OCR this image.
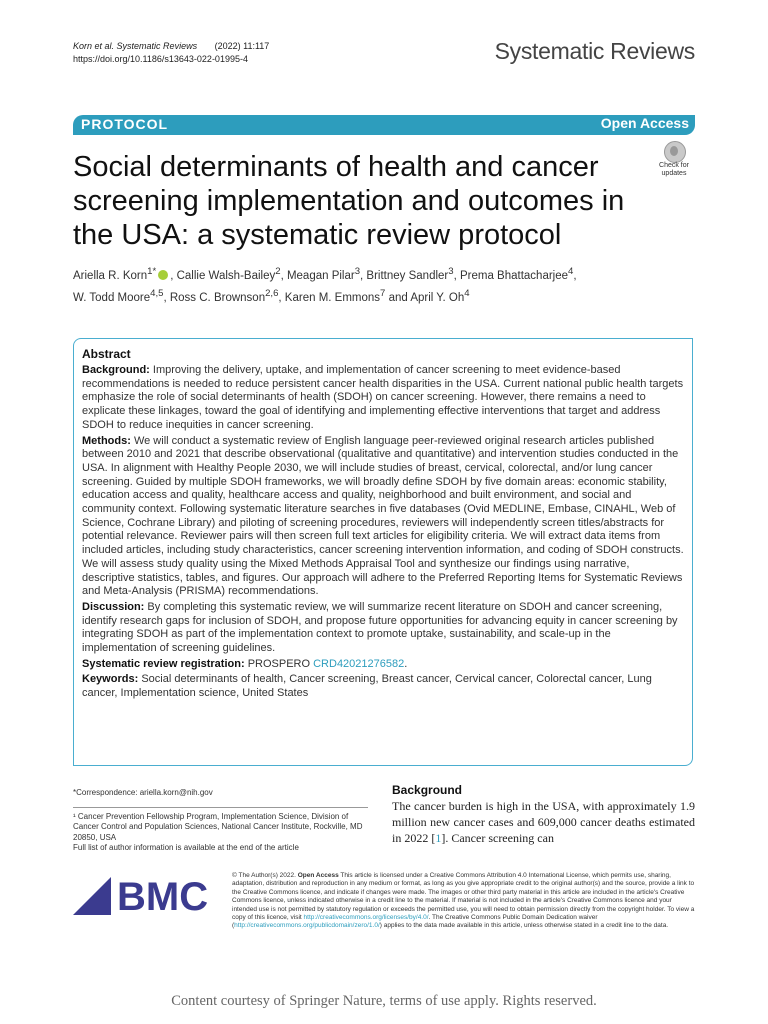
Korn et al. Systematic Reviews (2022) 11:117
https://doi.org/10.1186/s13643-022-01995-4	Systematic Reviews
PROTOCOL	Open Access
Check for updates
Social determinants of health and cancer screening implementation and outcomes in the USA: a systematic review protocol
Ariella R. Korn$^{1*}$ , Callie Walsh-Bailey$^2$, Meagan Pilar$^3$, Brittney Sandler$^3$, Prema Bhattacharjee$^4$,
W. Todd Moore$^{4,5}$, Ross C. Brownson$^{2,6}$, Karen M. Emmons$^7$ and April Y. Oh$^4$
Abstract

Background: Improving the delivery, uptake, and implementation of cancer screening to meet evidence-based recommendations is needed to reduce persistent cancer health disparities in the USA. Current national public health targets emphasize the role of social determinants of health (SDOH) on cancer screening. However, there remains a need to explicate these linkages, toward the goal of identifying and implementing effective interventions that target and address SDOH to reduce inequities in cancer screening.

Methods: We will conduct a systematic review of English language peer-reviewed original research articles published between 2010 and 2021 that describe observational (qualitative and quantitative) and intervention studies conducted in the USA. In alignment with Healthy People 2030, we will include studies of breast, cervical, colorectal, and/or lung cancer screening. Guided by multiple SDOH frameworks, we will broadly define SDOH by five domain areas: economic stability, education access and quality, healthcare access and quality, neighborhood and built environment, and social and community context. Following systematic literature searches in five databases (Ovid MEDLINE, Embase, CINAHL, Web of Science, Cochrane Library) and piloting of screening procedures, reviewers will independently screen titles/abstracts for potential relevance. Reviewer pairs will then screen full text articles for eligibility criteria. We will extract data items from included articles, including study characteristics, cancer screening intervention information, and coding of SDOH constructs. We will assess study quality using the Mixed Methods Appraisal Tool and synthesize our findings using narrative, descriptive statistics, tables, and figures. Our approach will adhere to the Preferred Reporting Items for Systematic Reviews and Meta-Analysis (PRISMA) recommendations.

Discussion: By completing this systematic review, we will summarize recent literature on SDOH and cancer screening, identify research gaps for inclusion of SDOH, and propose future opportunities for advancing equity in cancer screening by integrating SDOH as part of the implementation context to promote uptake, sustainability, and scale-up in the implementation of screening guidelines.

Systematic review registration: PROSPERO CRD42021276582.

Keywords: Social determinants of health, Cancer screening, Breast cancer, Cervical cancer, Colorectal cancer, Lung cancer, Implementation science, United States

*Correspondence: ariella.korn@nih.gov
¹ Cancer Prevention Fellowship Program, Implementation Science, Division of Cancer Control and Population Sciences, National Cancer Institute, Rockville, MD 20850, USA
Full list of author information is available at the end of the article
Background
The cancer burden is high in the USA, with approximately 1.9 million new cancer cases and 609,000 cancer deaths estimated in 2022 [1]. Cancer screening can
BMC	© The Author(s) 2022. Open Access This article is licensed under a Creative Commons Attribution 4.0 International License, which permits use, sharing, adaptation, distribution and reproduction in any medium or format, as long as you give appropriate credit to the original author(s) and the source, provide a link to the Creative Commons licence, and indicate if changes were made. The images or other third party material in this article are included in the article's Creative Commons licence, unless indicated otherwise in a credit line to the material. If material is not included in the article's Creative Commons licence and your intended use is not permitted by statutory regulation or exceeds the permitted use, you will need to obtain permission directly from the copyright holder. To view a copy of this licence, visit http://creativecommons.org/licenses/by/4.0/. The Creative Commons Public Domain Dedication waiver (http://creativecommons.org/publicdomain/zero/1.0/) applies to the data made available in this article, unless otherwise stated in a credit line to the data.
Content courtesy of Springer Nature, terms of use apply. Rights reserved.
